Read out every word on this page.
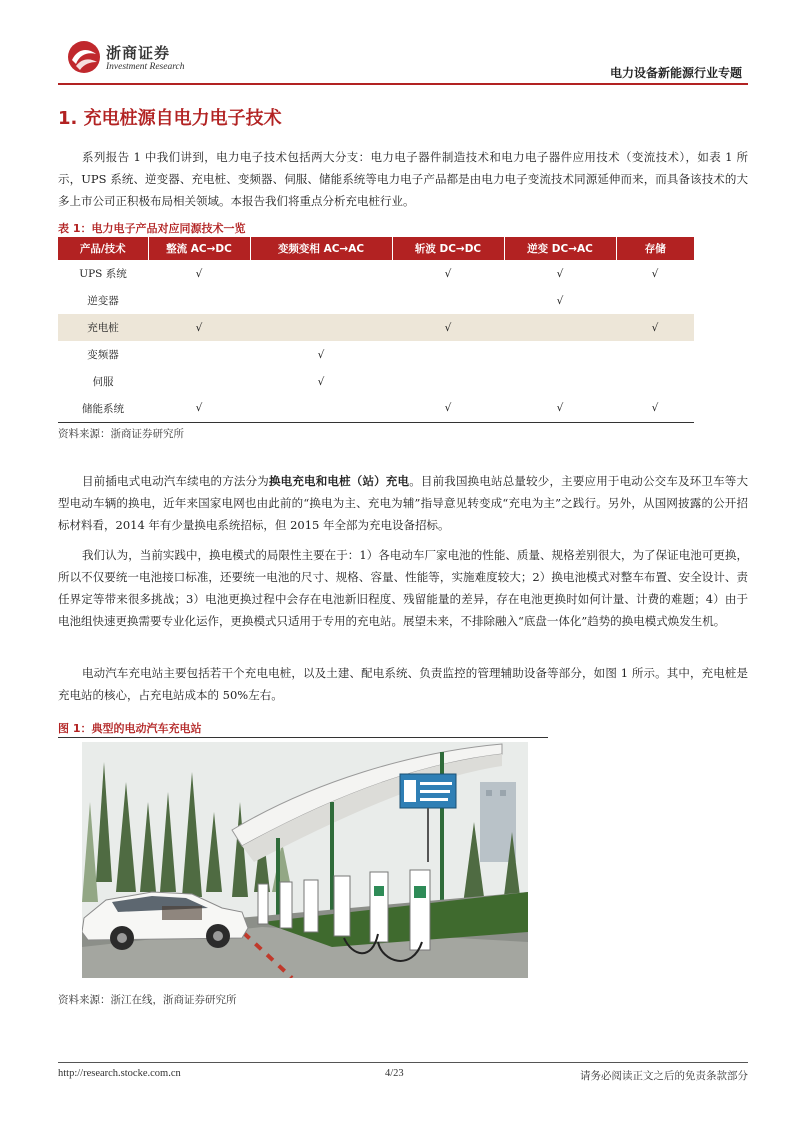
浙商证券
Investment Research	电力设备新能源行业专题
1. 充电桩源自电力电子技术

系列报告 1 中我们讲到，电力电子技术包括两大分支：电力电子器件制造技术和电力电子器件应用技术（变流技术），如表 1 所示，UPS 系统、逆变器、充电桩、变频器、伺服、储能系统等电力电子产品都是由电力电子变流技术同源延伸而来，而具备该技术的大多上市公司正积极布局相关领域。本报告我们将重点分析充电桩行业。

表 1：电力电子产品对应同源技术一览
产品/技术	整流 AC→DC	变频变相 AC→AC	斩波 DC→DC	逆变 DC→AC	存储
UPS 系统	√		√	√	√
逆变器				√	
充电桩	√		√		√
变频器		√			
伺服		√			
储能系统	√		√	√	√
资料来源：浙商证券研究所

目前插电式电动汽车续电的方法分为换电充电和电桩（站）充电。目前我国换电站总量较少，主要应用于电动公交车及环卫车等大型电动车辆的换电，近年来国家电网也由此前的“换电为主、充电为辅”指导意见转变成“充电为主”之践行。另外，从国网披露的公开招标材料看，2014 年有少量换电系统招标，但 2015 年全部为充电设备招标。

我们认为，当前实践中，换电模式的局限性主要在于：1）各电动车厂家电池的性能、质量、规格差别很大，为了保证电池可更换，所以不仅要统一电池接口标准，还要统一电池的尺寸、规格、容量、性能等，实施难度较大；2）换电池模式对整车布置、安全设计、责任界定等带来很多挑战；3）电池更换过程中会存在电池新旧程度、残留能量的差异，存在电池更换时如何计量、计费的难题；4）由于电池组快速更换需要专业化运作，更换模式只适用于专用的充电站。展望未来，不排除融入“底盘一体化”趋势的换电模式焕发生机。

电动汽车充电站主要包括若干个充电电桩，以及土建、配电系统、负责监控的管理辅助设备等部分，如图 1 所示。其中，充电桩是充电站的核心，占充电站成本的 50%左右。

图 1：典型的电动汽车充电站
资料来源：浙江在线，浙商证券研究所
http://research.stocke.com.cn	4/23	请务必阅读正文之后的免责条款部分
